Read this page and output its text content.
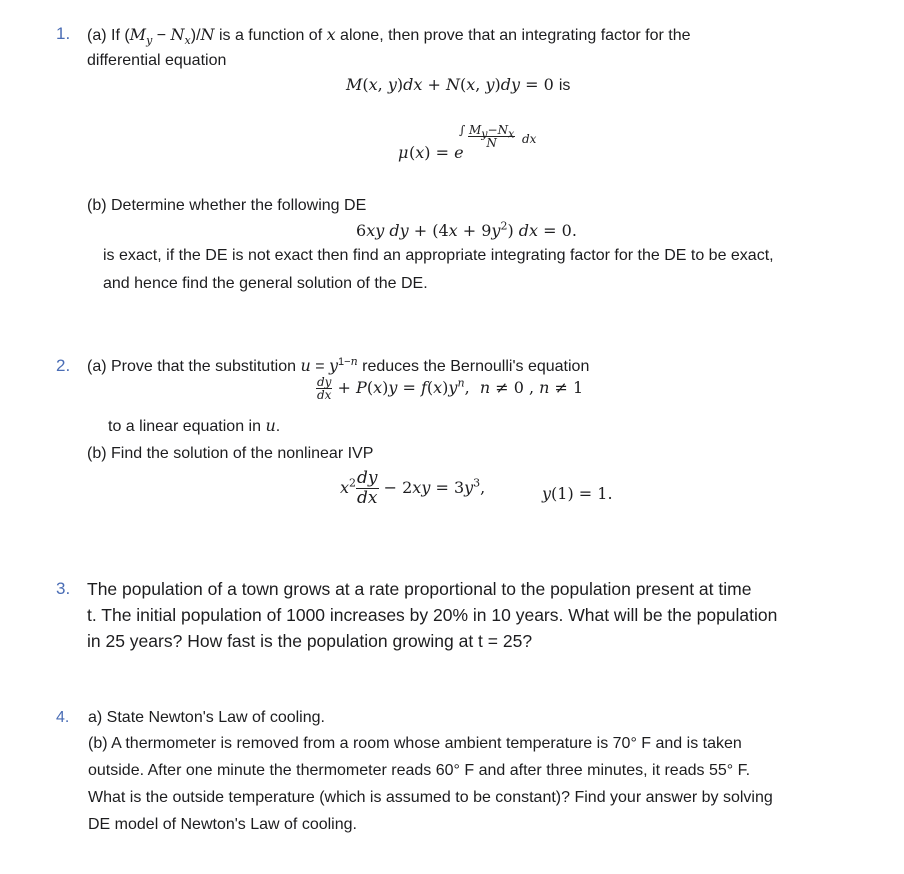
1. (a) If $(M_y - N_x)/N$ is a function of x alone, then prove that an integrating factor for the
differential equation
M(x, y)dx + N(x, y)dy = 0 is
μ (x) = e
∫ $\frac{M_y-N_x}{N}$ dx
(b) Determine whether the following DE
6xy dy + $(4x + 9y^2)$ dx = 0.
is exact, if the DE is not exact then find an appropriate integrating factor for the DE to be exact,
and hence find the general solution of the DE.
2. (a) Prove that the substitution $u = y^{1-n}$ reduces the Bernoulli's equation
$\frac{dy}{dx} + P(x)y = f(x)y^n$,  n ≠ 0 , n ≠ 1
to a linear equation in u.
(b) Find the solution of the nonlinear IVP
$x^2 \frac{dy}{dx} - 2xy = 3y^3$,	y(1) = 1.
3. The population of a town grows at a rate proportional to the population present at time
t. The initial population of 1000 increases by 20% in 10 years. What will be the population
in 25 years? How fast is the population growing at t = 25?
4. a) State Newton's Law of cooling.
(b) A thermometer is removed from a room whose ambient temperature is 70° F and is taken
outside. After one minute the thermometer reads 60° F and after three minutes, it reads 55° F.
What is the outside temperature (which is assumed to be constant)? Find your answer by solving
DE model of Newton's Law of cooling.
